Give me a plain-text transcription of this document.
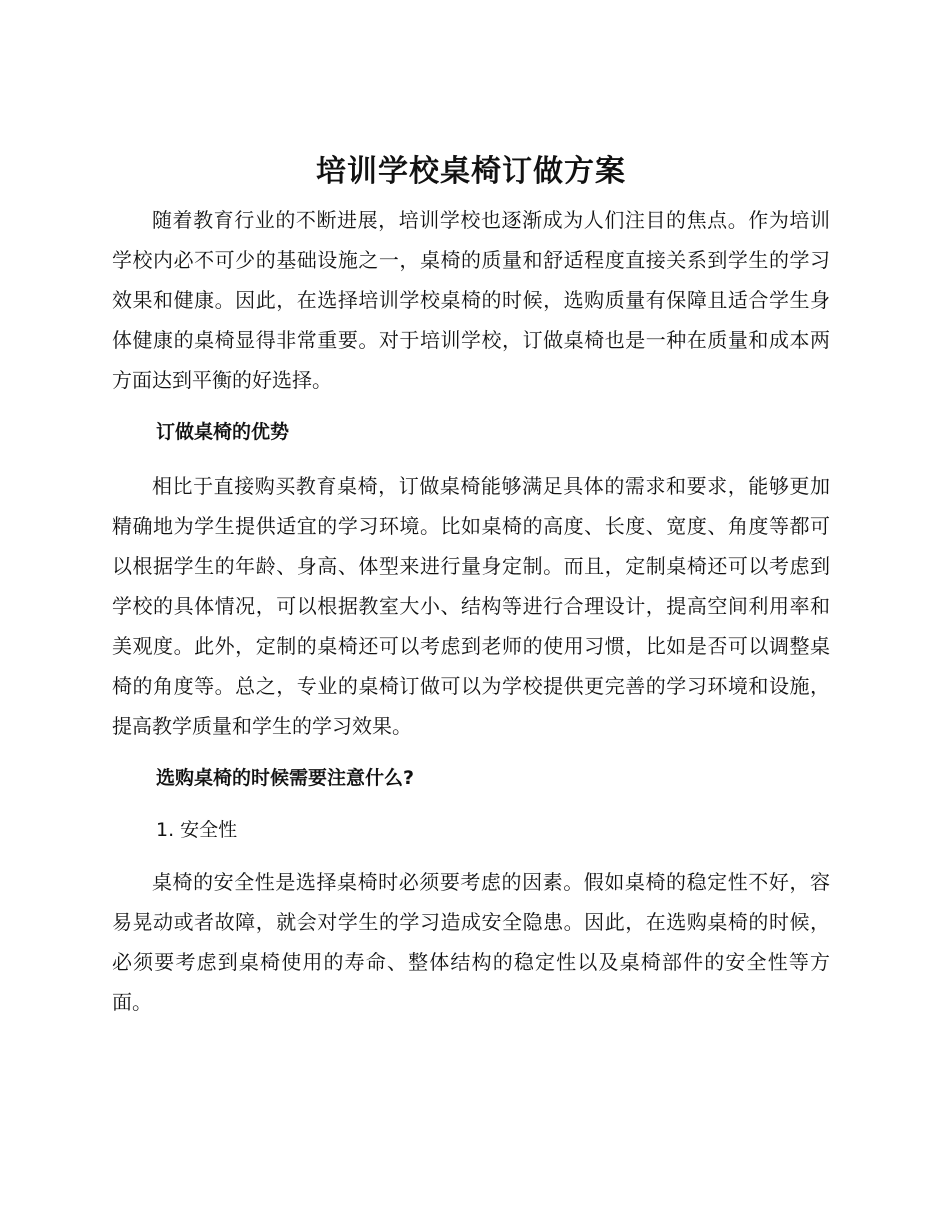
培训学校桌椅订做方案

随着教育行业的不断进展，培训学校也逐渐成为人们注目的焦点。作为培训学校内必不可少的基础设施之一，桌椅的质量和舒适程度直接关系到学生的学习效果和健康。因此，在选择培训学校桌椅的时候，选购质量有保障且适合学生身体健康的桌椅显得非常重要。对于培训学校，订做桌椅也是一种在质量和成本两方面达到平衡的好选择。

订做桌椅的优势

相比于直接购买教育桌椅，订做桌椅能够满足具体的需求和要求，能够更加精确地为学生提供适宜的学习环境。比如桌椅的高度、长度、宽度、角度等都可以根据学生的年龄、身高、体型来进行量身定制。而且，定制桌椅还可以考虑到学校的具体情况，可以根据教室大小、结构等进行合理设计，提高空间利用率和美观度。此外，定制的桌椅还可以考虑到老师的使用习惯，比如是否可以调整桌椅的角度等。总之，专业的桌椅订做可以为学校提供更完善的学习环境和设施，提高教学质量和学生的学习效果。

选购桌椅的时候需要注意什么?
1. 安全性

桌椅的安全性是选择桌椅时必须要考虑的因素。假如桌椅的稳定性不好，容易晃动或者故障，就会对学生的学习造成安全隐患。因此，在选购桌椅的时候，必须要考虑到桌椅使用的寿命、整体结构的稳定性以及桌椅部件的安全性等方面。
